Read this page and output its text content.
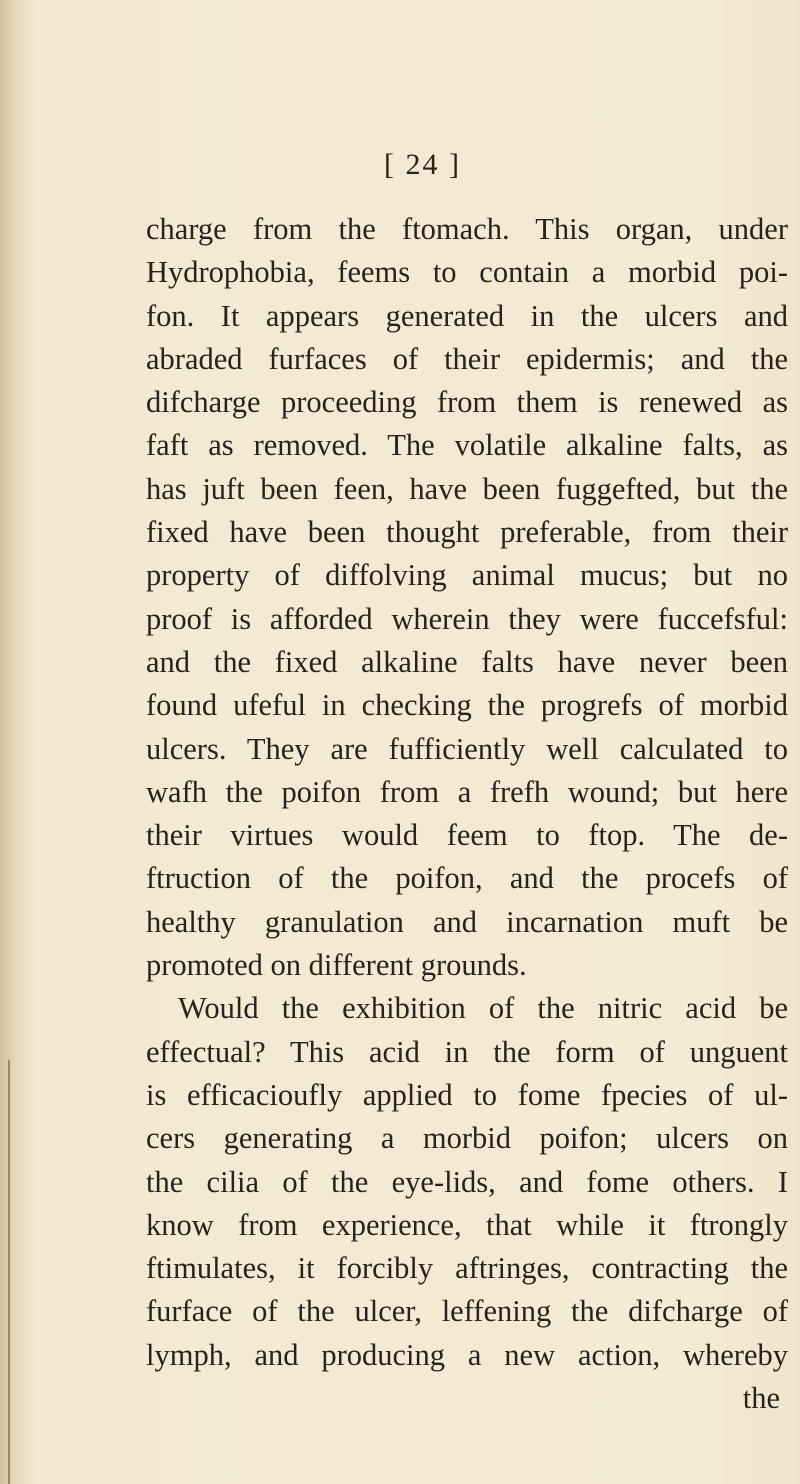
[ 24 ]
charge from the ftomach. This organ, under
Hydrophobia, feems to contain a morbid poi-
fon. It appears generated in the ulcers and
abraded furfaces of their epidermis; and the
difcharge proceeding from them is renewed as
faft as removed. The volatile alkaline falts, as
has juft been feen, have been fuggefted, but the
fixed have been thought preferable, from their
property of diffolving animal mucus; but no
proof is afforded wherein they were fuccefsful:
and the fixed alkaline falts have never been
found ufeful in checking the progrefs of morbid
ulcers. They are fufficiently well calculated to
wafh the poifon from a frefh wound; but here
their virtues would feem to ftop. The de-
ftruction of the poifon, and the procefs of
healthy granulation and incarnation muft be
promoted on different grounds.
Would the exhibition of the nitric acid be
effectual? This acid in the form of unguent
is efficacioufly applied to fome fpecies of ul-
cers generating a morbid poifon; ulcers on
the cilia of the eye-lids, and fome others. I
know from experience, that while it ftrongly
ftimulates, it forcibly aftringes, contracting the
furface of the ulcer, leffening the difcharge of
lymph, and producing a new action, whereby
the
